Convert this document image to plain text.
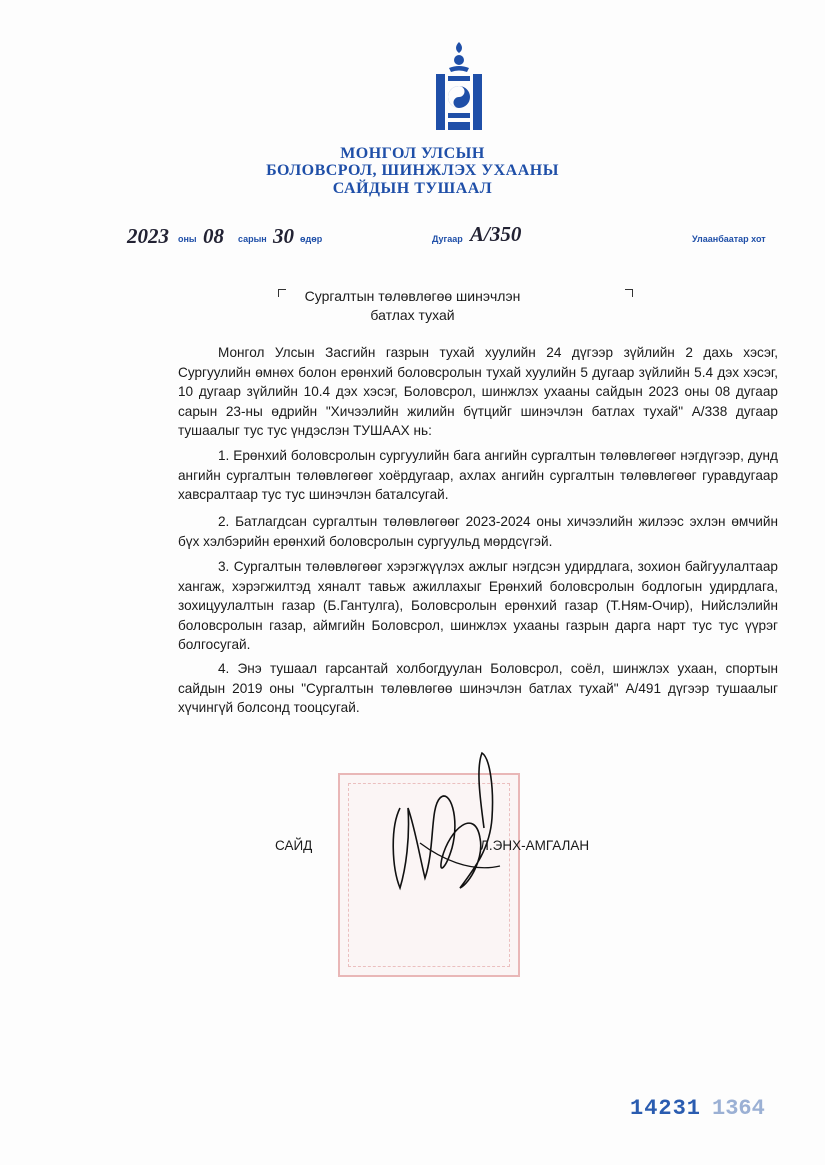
МОНГОЛ УЛСЫН
БОЛОВСРОЛ, ШИНЖЛЭХ УХААНЫ
САЙДЫН ТУШААЛ
2023 оны 08 сарын 30 өдөр	Дугаар А/350	Улаанбаатар хот
Сургалтын төлөвлөгөө шинэчлэн
батлах тухай
Монгол Улсын Засгийн газрын тухай хуулийн 24 дүгээр зүйлийн 2 дахь хэсэг, Сургуулийн өмнөх болон ерөнхий боловсролын тухай хуулийн 5 дугаар зүйлийн 5.4 дэх хэсэг, 10 дугаар зүйлийн 10.4 дэх хэсэг, Боловсрол, шинжлэх ухааны сайдын 2023 оны 08 дугаар сарын 23-ны өдрийн "Хичээлийн жилийн бүтцийг шинэчлэн батлах тухай" А/338 дугаар тушаалыг тус тус үндэслэн ТУШААХ нь:
1. Ерөнхий боловсролын сургуулийн бага ангийн сургалтын төлөвлөгөөг нэгдүгээр, дунд ангийн сургалтын төлөвлөгөөг хоёрдугаар, ахлах ангийн сургалтын төлөвлөгөөг гуравдугаар хавсралтаар тус тус шинэчлэн баталсугай.
2. Батлагдсан сургалтын төлөвлөгөөг 2023-2024 оны хичээлийн жилээс эхлэн өмчийн бүх хэлбэрийн ерөнхий боловсролын сургуульд мөрдсүгэй.
3. Сургалтын төлөвлөгөөг хэрэгжүүлэх ажлыг нэгдсэн удирдлага, зохион байгуулалтаар хангаж, хэрэгжилтэд хяналт тавьж ажиллахыг Ерөнхий боловсролын бодлогын удирдлага, зохицуулалтын газар (Б.Гантулга), Боловсролын ерөнхий газар (Т.Ням-Очир), Нийслэлийн боловсролын газар, аймгийн Боловсрол, шинжлэх ухааны газрын дарга нарт тус тус үүрэг болгосугай.
4. Энэ тушаал гарсантай холбогдуулан Боловсрол, соёл, шинжлэх ухаан, спортын сайдын 2019 оны "Сургалтын төлөвлөгөө шинэчлэн батлах тухай" А/491 дүгээр тушаалыг хүчингүй болсонд тооцсугай.
САЙД	Л.ЭНХ-АМГАЛАН
14231 1364
